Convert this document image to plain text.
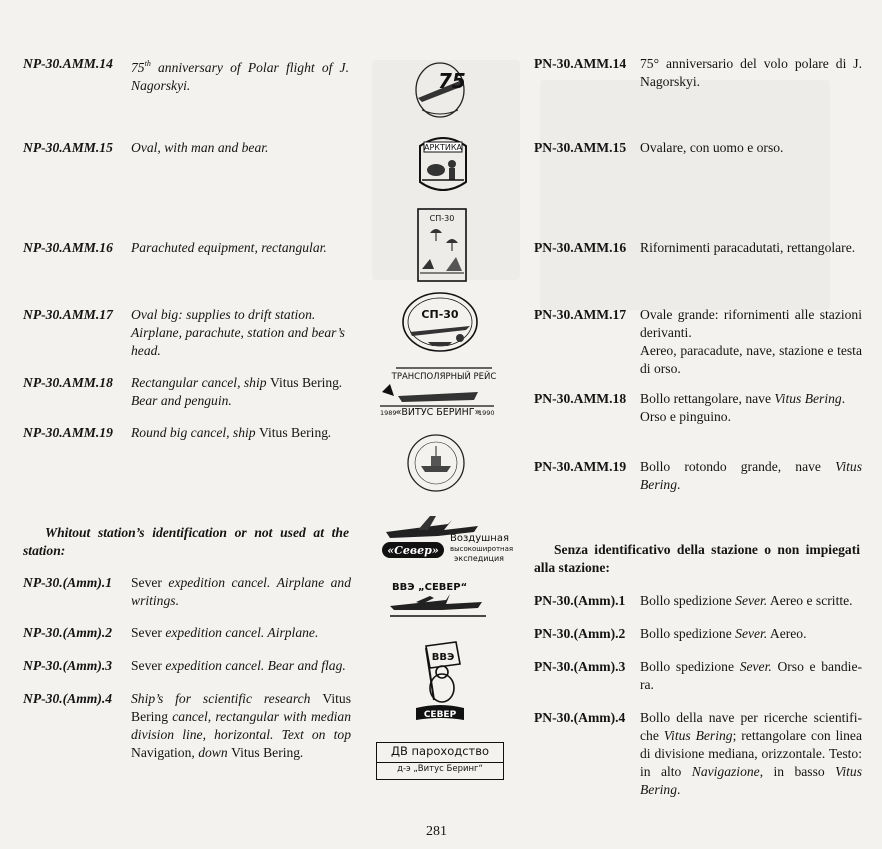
NP-30.AMM.14 75th anniversary of Polar flight of J. Nagorskyi.
NP-30.AMM.15 Oval, with man and bear.
NP-30.AMM.16 Parachuted equipment, rectangular.
NP-30.AMM.17 Oval big: supplies to drift station. Airplane, parachute, station and bear’s head.
NP-30.AMM.18 Rectangular cancel, ship Vitus Bering. Bear and penguin.
NP-30.AMM.19 Round big cancel, ship Vitus Bering.
Whitout station’s identification or not used at the station:
NP-30.(Amm).1 Sever expedition cancel. Airplane and writings.
NP-30.(Amm).2 Sever expedition cancel. Airplane.
NP-30.(Amm).3 Sever expedition cancel. Bear and flag.
NP-30.(Amm).4 Ship’s for scientific research Vitus Bering cancel, rectangular with median division line, horizontal. Text on top Navigation, down Vitus Bering.
75
АРКТИКА
СП-30
СП-30
ТРАНСПОЛЯРНЫЙ РЕЙС
1989 «ВИТУС БЕРИНГ»
1990
Воздушная
высокоширотная
экспедиция
«Север»
ВВЭ „СЕВЕР“
ВВЭ
СЕВЕР
ДВ пароходство
д-э „Витус Беринг“
PN-30.AMM.14 75° anniversario del volo polare di J. Nagorskyi.
PN-30.AMM.15 Ovalare, con uomo e orso.
PN-30.AMM.16 Rifornimenti paracadutati, rettangolare.
PN-30.AMM.17 Ovale grande: rifornimenti alle stazioni derivanti.
Aereo, paracadute, nave, stazione e testa di orso.
PN-30.AMM.18 Bollo rettangolare, nave Vitus Bering. Orso e pinguino.
PN-30.AMM.19 Bollo rotondo grande, nave Vitus Bering.
Senza identificativo della stazione o non impiegati alla stazione:
PN-30.(Amm).1 Bollo spedizione Sever. Aereo e scritte.
PN-30.(Amm).2 Bollo spedizione Sever. Aereo.
PN-30.(Amm).3 Bollo spedizione Sever. Orso e bandie-ra.
PN-30.(Amm).4 Bollo della nave per ricerche scientifi-che Vitus Bering; rettangolare con linea di divisione mediana, orizzontale. Testo: in alto Navigazione, in basso Vitus Bering.
281
